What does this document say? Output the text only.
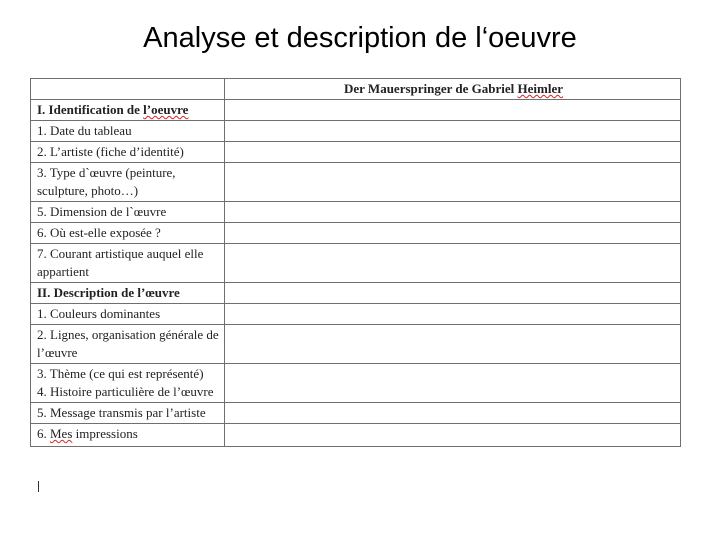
Analyse et description de l‘oeuvre
	Der Mauerspringer de Gabriel Heimler
I. Identification de l’oeuvre	
1. Date du tableau	
2. L’artiste (fiche d’identité)	
3. Type d`œuvre (peinture, sculpture, photo…)	
5. Dimension de l`œuvre	
6. Où est-elle exposée ?	
7. Courant artistique auquel elle appartient	
II. Description de l’œuvre	
1. Couleurs dominantes	
2. Lignes, organisation générale de l’œuvre	
3. Thème (ce qui est représenté)
4. Histoire particulière de l’œuvre	
5. Message transmis par l’artiste	
6. Mes impressions	
